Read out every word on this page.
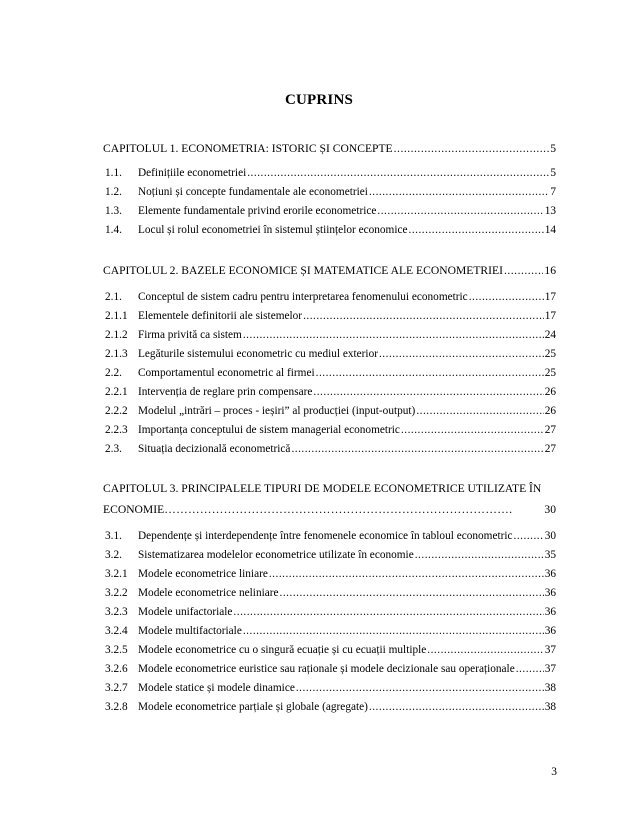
CUPRINS
CAPITOLUL 1. ECONOMETRIA: ISTORIC ȘI CONCEPTE .....	5
1.1.	Definițiile econometriei .....	5
1.2.	Noțiuni și concepte fundamentale ale econometriei .....	7
1.3.	Elemente fundamentale privind erorile econometrice .....	13
1.4.	Locul și rolul econometriei în sistemul științelor economice .....	14
CAPITOLUL 2. BAZELE ECONOMICE ȘI MATEMATICE ALE ECONOMETRIEI .....	16
2.1.	Conceptul de sistem cadru pentru interpretarea fenomenului econometric .....	17
2.1.1 Elementele definitorii ale sistemelor .....	17
2.1.2 Firma privită ca sistem .....	24
2.1.3 Legăturile sistemului econometric cu mediul exterior .....	25
2.2.	Comportamentul econometric al firmei .....	25
2.2.1 Intervenția de reglare prin compensare .....	26
2.2.2 Modelul „intrări – proces - ieșiri” al producției (input-output) .....	26
2.2.3 Importanța conceptului de sistem managerial econometric .....	27
2.3.	Situația decizională econometrică .....	27
CAPITOLUL 3. PRINCIPALELE TIPURI DE MODELE ECONOMETRICE UTILIZATE ÎN
ECONOMIE …………………………………………………………………………….	30
3.1.	Dependențe și interdependențe între fenomenele economice în tabloul econometric .....	30
3.2.	Sistematizarea modelelor econometrice utilizate în economie .....	35
3.2.1 Modele econometrice liniare .....	36
3.2.2 Modele econometrice neliniare .....	36
3.2.3 Modele unifactoriale .....	36
3.2.4 Modele multifactoriale .....	36
3.2.5 Modele econometrice cu o singură ecuație și cu ecuații multiple .....	37
3.2.6 Modele econometrice euristice sau raționale și modele decizionale sau operaționale .....	37
3.2.7 Modele statice și modele dinamice .....	38
3.2.8 Modele econometrice parțiale și globale (agregate) .....	38
3
